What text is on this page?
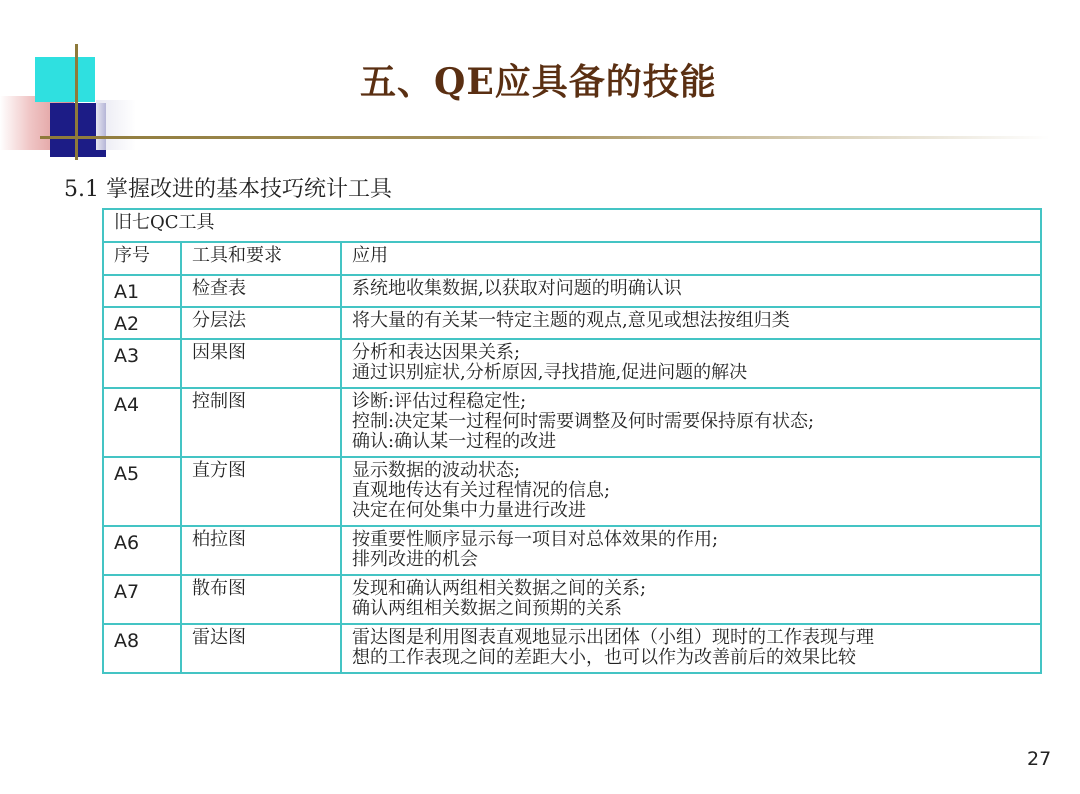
五、QE应具备的技能
5.1 掌握改进的基本技巧统计工具
旧七QC工具		
序号	工具和要求	应用
A1	检查表	系统地收集数据,以获取对问题的明确认识

A2	分层法	将大量的有关某一特定主题的观点,意见或想法按组归类

A3	因果图	分析和表达因果关系;
通过识别症状,分析原因,寻找措施,促进问题的解决

A4	控制图	诊断:评估过程稳定性;
控制:决定某一过程何时需要调整及何时需要保持原有状态;
确认:确认某一过程的改进

A5	直方图	显示数据的波动状态;
直观地传达有关过程情况的信息;
决定在何处集中力量进行改进

A6	柏拉图	按重要性顺序显示每一项目对总体效果的作用;
排列改进的机会

A7	散布图	发现和确认两组相关数据之间的关系;
确认两组相关数据之间预期的关系

A8	雷达图	雷达图是利用图表直观地显示出团体（小组）现时的工作表现与理
想的工作表现之间的差距大小，也可以作为改善前后的效果比较
27
